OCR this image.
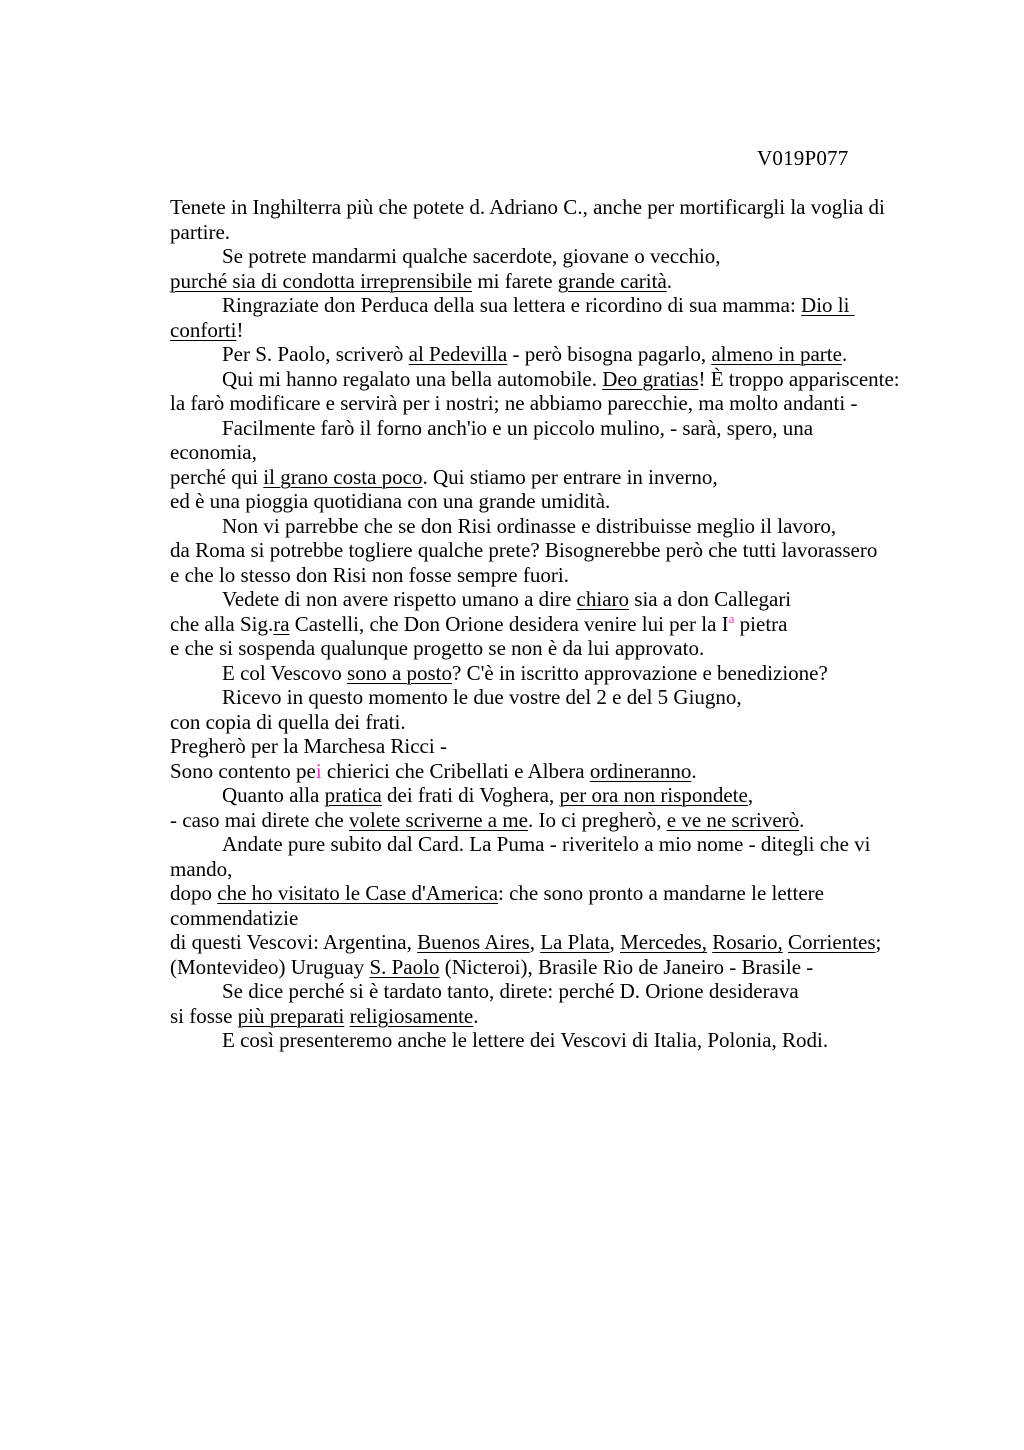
V019P077
Tenete in Inghilterra più che potete d. Adriano C., anche per mortificargli la voglia di
partire.
Se potrete mandarmi qualche sacerdote, giovane o vecchio,
purché sia di condotta irreprensibile mi farete grande carità.
Ringraziate don Perduca della sua lettera e ricordino di sua mamma: Dio li
conforti!
Per S. Paolo, scriverò al Pedevilla - però bisogna pagarlo, almeno in parte.
Qui mi hanno regalato una bella automobile. Deo gratias! È troppo appariscente:
la farò modificare e servirà per i nostri; ne abbiamo parecchie, ma molto andanti -
Facilmente farò il forno anch'io e un piccolo mulino, - sarà, spero, una economia,
perché qui il grano costa poco. Qui stiamo per entrare in inverno,
ed è una pioggia quotidiana con una grande umidità.
Non vi parrebbe che se don Risi ordinasse e distribuisse meglio il lavoro,
da Roma si potrebbe togliere qualche prete? Bisognerebbe però che tutti lavorassero
e che lo stesso don Risi non fosse sempre fuori.
Vedete di non avere rispetto umano a dire chiaro sia a don Callegari
che alla Sig.ra Castelli, che Don Orione desidera venire lui per la $I^a$ pietra
e che si sospenda qualunque progetto se non è da lui approvato.
E col Vescovo sono a posto? C'è in iscritto approvazione e benedizione?
Ricevo in questo momento le due vostre del 2 e del 5 Giugno,
con copia di quella dei frati.
Pregherò per la Marchesa Ricci -
Sono contento pei chierici che Cribellati e Albera ordineranno.
Quanto alla pratica dei frati di Voghera, per ora non rispondete,
- caso mai direte che volete scriverne a me. Io ci pregherò, e ve ne scriverò.
Andate pure subito dal Card. La Puma - riveritelo a mio nome - ditegli che vi
mando,
dopo che ho visitato le Case d'America: che sono pronto a mandarne le lettere
commendatizie
di questi Vescovi: Argentina, Buenos Aires, La Plata, Mercedes, Rosario, Corrientes;
(Montevideo) Uruguay S. Paolo (Nicteroi), Brasile Rio de Janeiro - Brasile -
Se dice perché si è tardato tanto, direte: perché D. Orione desiderava
si fosse più preparati religiosamente.
E così presenteremo anche le lettere dei Vescovi di Italia, Polonia, Rodi.
